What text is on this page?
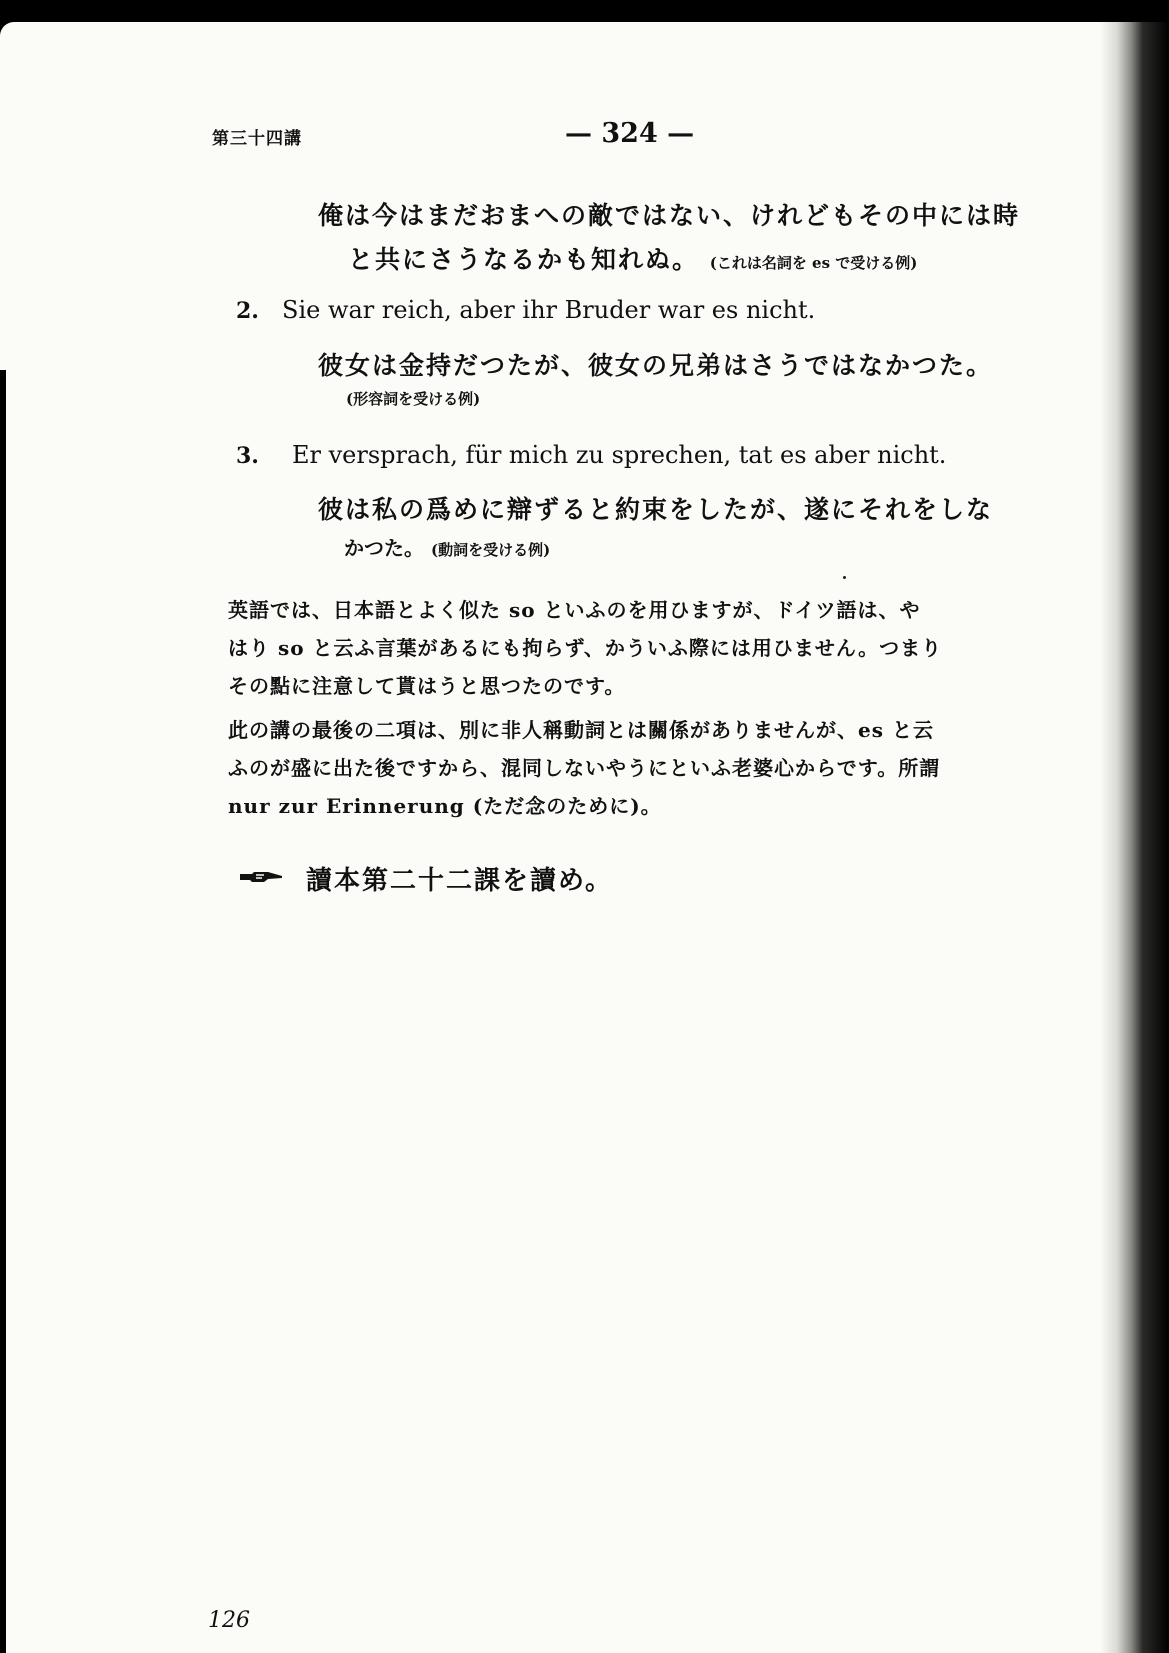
第三十四講	— 324 —
俺は今はまだおまへの敵ではない、けれどもその中には時
と共にさうなるかも知れぬ。 (これは名詞を es で受ける例)
2. Sie war reich, aber ihr Bruder war es nicht.
彼女は金持だつたが、彼女の兄弟はさうではなかつた。
(形容詞を受ける例)
3. Er versprach, für mich zu sprechen, tat es aber nicht.
彼は私の爲めに辯ずると約束をしたが、遂にそれをしな
かつた。 (動詞を受ける例)
英語では、日本語とよく似た so といふのを用ひますが、ドイツ語は、や
はり so と云ふ言葉があるにも拘らず、かういふ際には用ひません。つまり
その點に注意して貰はうと思つたのです。
此の講の最後の二項は、別に非人稱動詞とは關係がありませんが、es と云
ふのが盛に出た後ですから、混同しないやうにといふ老婆心からです。所謂
nur zur Erinnerung (ただ念のために)。
讀本第二十二課を讀め。
126
